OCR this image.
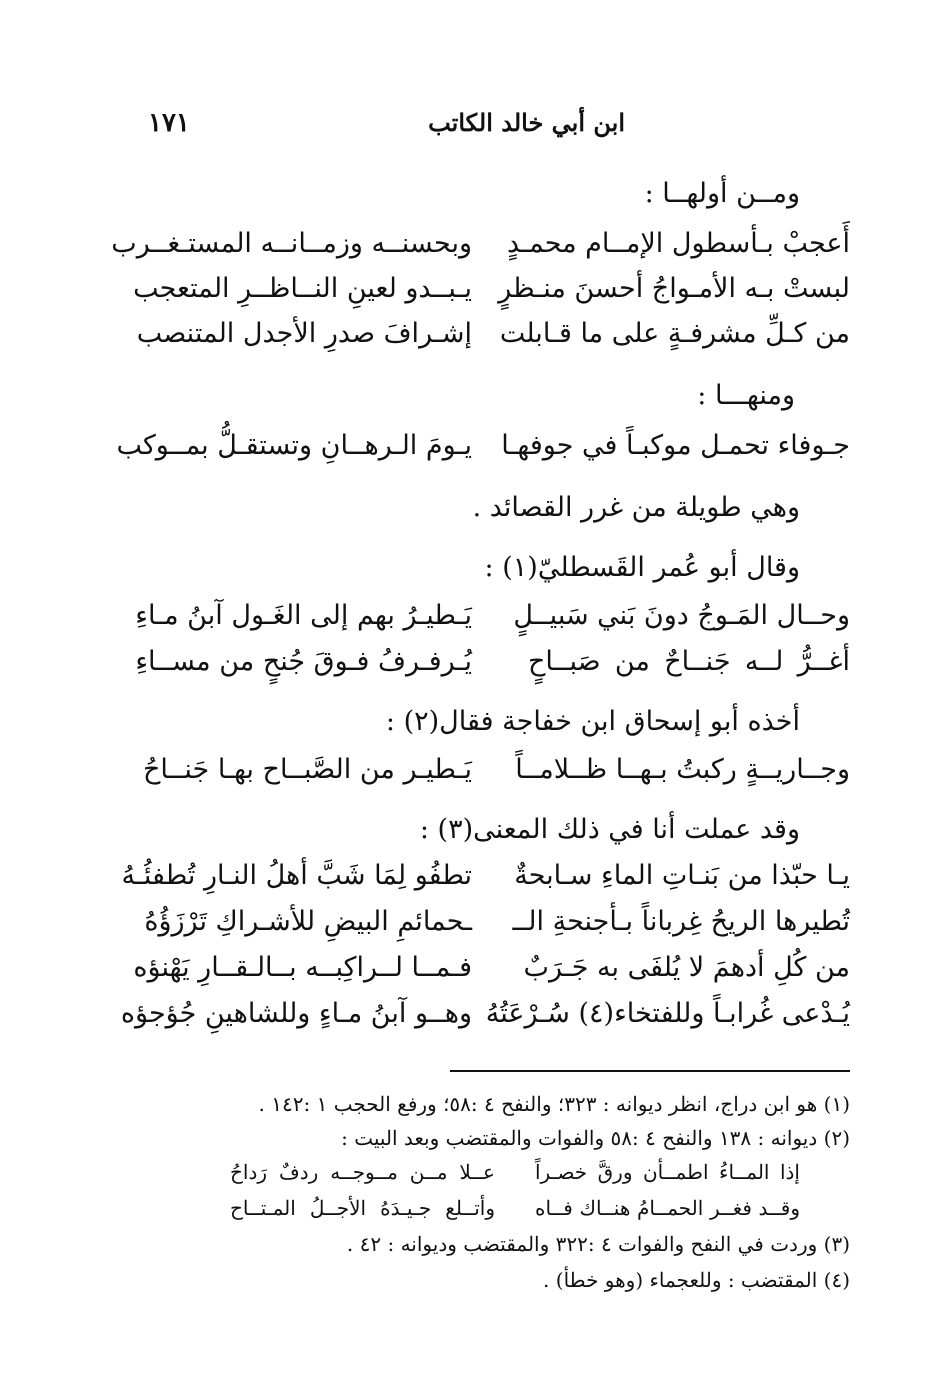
ابن أبي خالد الكاتب
١٧١
ومــن أولهــا :
أَعجبْ بـأسطول الإمــام محمـدٍ
وبحسنــه وزمــانــه المستـغــرب
لبستْ بـه الأمـواجُ أحسنَ منـظرٍ
يـبــدو لعينِ النــاظــرِ المتعجب
من كـلِّ مشرفـةٍ على ما قـابلت
إشـرافَ صدرِ الأجدل المتنصب
ومنهـــا :
جـوفاء تحمـل موكبـاً في جوفهـا
يـومَ الـرهــانِ وتستقـلُّ بمــوكب
وهي طويلة من غرر القصائد .
وقال أبو عُمر القَسطليّ(١) :
وحــال المَـوجُ دونَ بَني سَبيــلٍ
يَـطيـرُ بهم إلى الغَـول آبنُ مـاءِ
أغــرُّ لــه جَنــاحٌ من صَبــاحٍ
يُـرفـرفُ فـوقَ جُنحٍ من مســاءِ
أخذه أبو إسحاق ابن خفاجة فقال(٢) :
وجــاريــةٍ ركبتُ بـهــا ظــلامــاً
يَـطيـر من الصَّبــاح بهـا جَنــاحُ
وقد عملت أنا في ذلك المعنى(٣) :
يـا حبّذا من بَنـاتِ الماءِ سـابحةٌ
تطفُو لِمَا شَبَّ أهلُ النـارِ تُطفئُـهُ
تُطيرها الريحُ غِرباناً بـأجنحةِ الــ
ـحمائمِ البيضِ للأشـراكِ تَرْزَؤُهُ
من كُلِ أدهمَ لا يُلفَى به جَـرَبٌ
فـمــا لــراكِبــه بــالـقــارِ يَهْنؤه
يُـدْعى غُرابـاً وللفتخاء(٤) سُـرْعَتُهُ
وهــو آبنُ مـاءٍ وللشاهينِ جُؤجؤه
(١) هو ابن دراج، انظر ديوانه : ٣٢٣؛ والنفح ٤ :٥٨؛ ورفع الحجب ١ :١٤٢ .
(٢) ديوانه : ١٣٨ والنفح ٤ :٥٨ والفوات والمقتضب وبعد البيت :
إذا المــاءُ اطمــأن ورقَّ خصـراً
عــلا مــن مــوجــه ردفٌ رَداحُ
وقــد فغــر الحمــامُ هنــاك فــاه
وأتــلع جـيـدَهُ الأجــلُ المـتــاح
(٣) وردت في النفح والفوات ٤ :٣٢٢ والمقتضب وديوانه : ٤٢ .
(٤) المقتضب : وللعجماء (وهو خطأ) .
